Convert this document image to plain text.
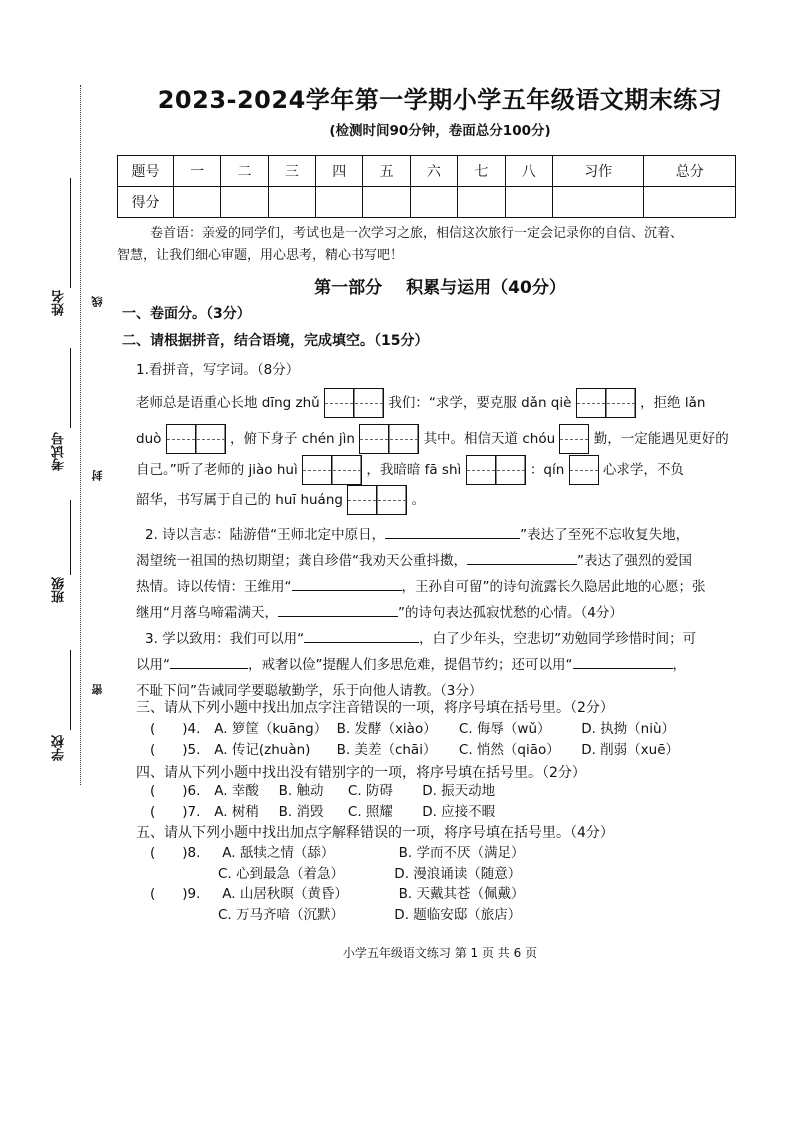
姓名
考试号
班级
学校
线
封
密
2023-2024学年第一学期小学五年级语文期末练习
(检测时间90分钟，卷面总分100分)
题号	一	二	三	四	五	六	七	八	习作	总分
得分										
卷首语：亲爱的同学们，考试也是一次学习之旅，相信这次旅行一定会记录你的自信、沉着、
智慧，让我们细心审题，用心思考，精心书写吧！
第一部分 积累与运用（40分）
一、卷面分。（3分）
二、请根据拼音，结合语境，完成填空。（15分）
1.看拼音，写字词。（8分）
老师总是语重心长地 dīng zhǔ	我们：“求学，要克服 dǎn qiè	，拒绝 lǎn
duò	，俯下身子 chén jìn	其中。相信天道 chóu	勤，一定能遇见更好的
自己。”听了老师的 jiào huì	，我暗暗 fā shì	：qín	心求学，不负
韶华，书写属于自己的 huī huáng	。
2. 诗以言志：陆游借“王师北定中原日，	”表达了至死不忘收复失地，
渴望统一祖国的热切期望；龚自珍借“我劝天公重抖擞，	”表达了强烈的爱国
热情。诗以传情：王维用“	，王孙自可留”的诗句流露长久隐居此地的心愿；张
继用“月落乌啼霜满天，	”的诗句表达孤寂忧愁的心情。（4分）
3. 学以致用：我们可以用“	，白了少年头，空悲切”劝勉同学珍惜时间；可
以用“	，戒奢以俭”提醒人们多思危难，提倡节约；还可以用“	，
不耻下问”告诫同学要聪敏勤学，乐于向他人请教。（3分）
三、请从下列小题中找出加点字注音错误的一项，将序号填在括号里。（2分）
(　　)4. A. 箩筐（kuāng） B. 发酵（xiào） C. 侮辱（wǔ） D. 执拗（niù）
(　　)5. A. 传记(zhuàn) B. 美差（chāi） C. 悄然（qiāo） D. 削弱（xuē）
四、请从下列小题中找出没有错别字的一项，将序号填在括号里。（2分）
(　　)6. A. 幸酸 B. 触动 C. 防碍 D. 振天动地
(　　)7. A. 树稍 B. 消毁 C. 照耀 D. 应接不暇
五、请从下列小题中找出加点字解释错误的一项，将序号填在括号里。（4分）
(　　)8. A. 舐犊之情（舔）	B. 学而不厌（满足）
C. 心到最急（着急）	D. 漫浪诵读（随意）
(　　)9. A. 山居秋暝（黄昏）	B. 天戴其苍（佩戴）
C. 万马齐喑（沉默）	D. 题临安邸（旅店）
小学五年级语文练习 第 1 页 共 6 页
